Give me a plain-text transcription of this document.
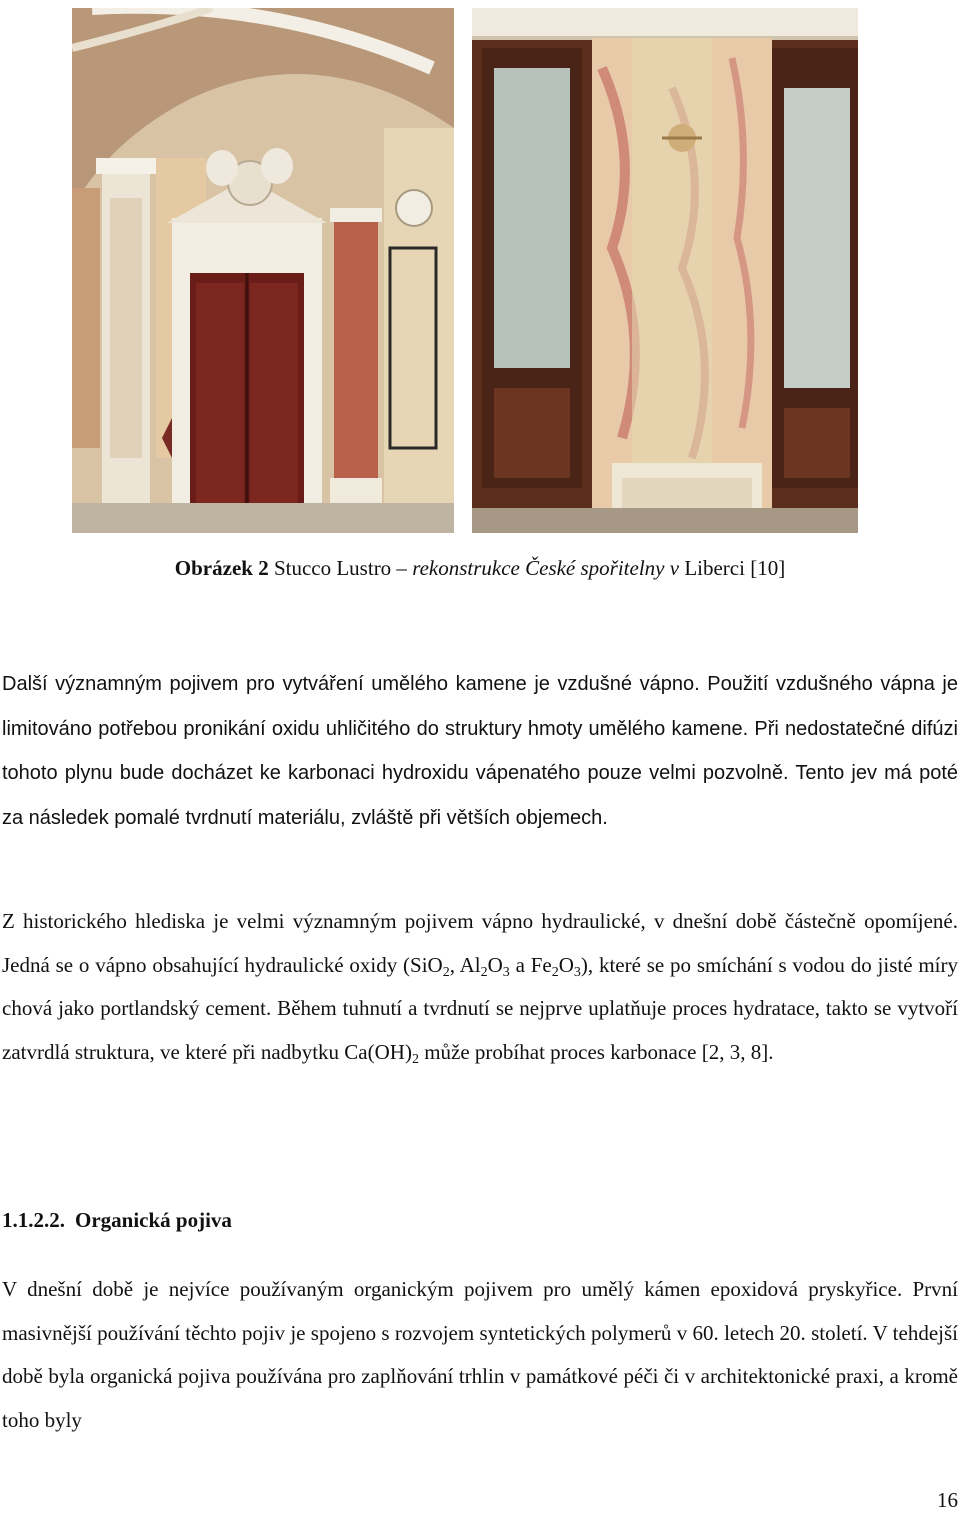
Obrázek 2 Stucco Lustro – rekonstrukce České spořitelny v Liberci [10]
Další významným pojivem pro vytváření umělého kamene je vzdušné vápno. Použití vzdušného vápna je limitováno potřebou pronikání oxidu uhličitého do struktury hmoty umělého kamene. Při nedostatečné difúzi tohoto plynu bude docházet ke karbonaci hydroxidu vápenatého pouze velmi pozvolně. Tento jev má poté za následek pomalé tvrdnutí materiálu, zvláště při větších objemech.
Z historického hlediska je velmi významným pojivem vápno hydraulické, v dnešní době částečně opomíjené. Jedná se o vápno obsahující hydraulické oxidy (SiO$_2$, $Al_2O_3$ a $Fe_2O_3$), které se po smíchání s vodou do jisté míry chová jako portlandský cement. Během tuhnutí a tvrdnutí se nejprve uplatňuje proces hydratace, takto se vytvoří zatvrdlá struktura, ve které při nadbytku $Ca(OH)_2$ může probíhat proces karbonace [2, 3, 8].
1.1.2.2. Organická pojiva
V dnešní době je nejvíce používaným organickým pojivem pro umělý kámen epoxidová pryskyřice. První masivnější používání těchto pojiv je spojeno s rozvojem syntetických polymerů v 60. letech 20. století. V tehdejší době byla organická pojiva používána pro zaplňování trhlin v památkové péči či v architektonické praxi, a kromě toho byly
16
